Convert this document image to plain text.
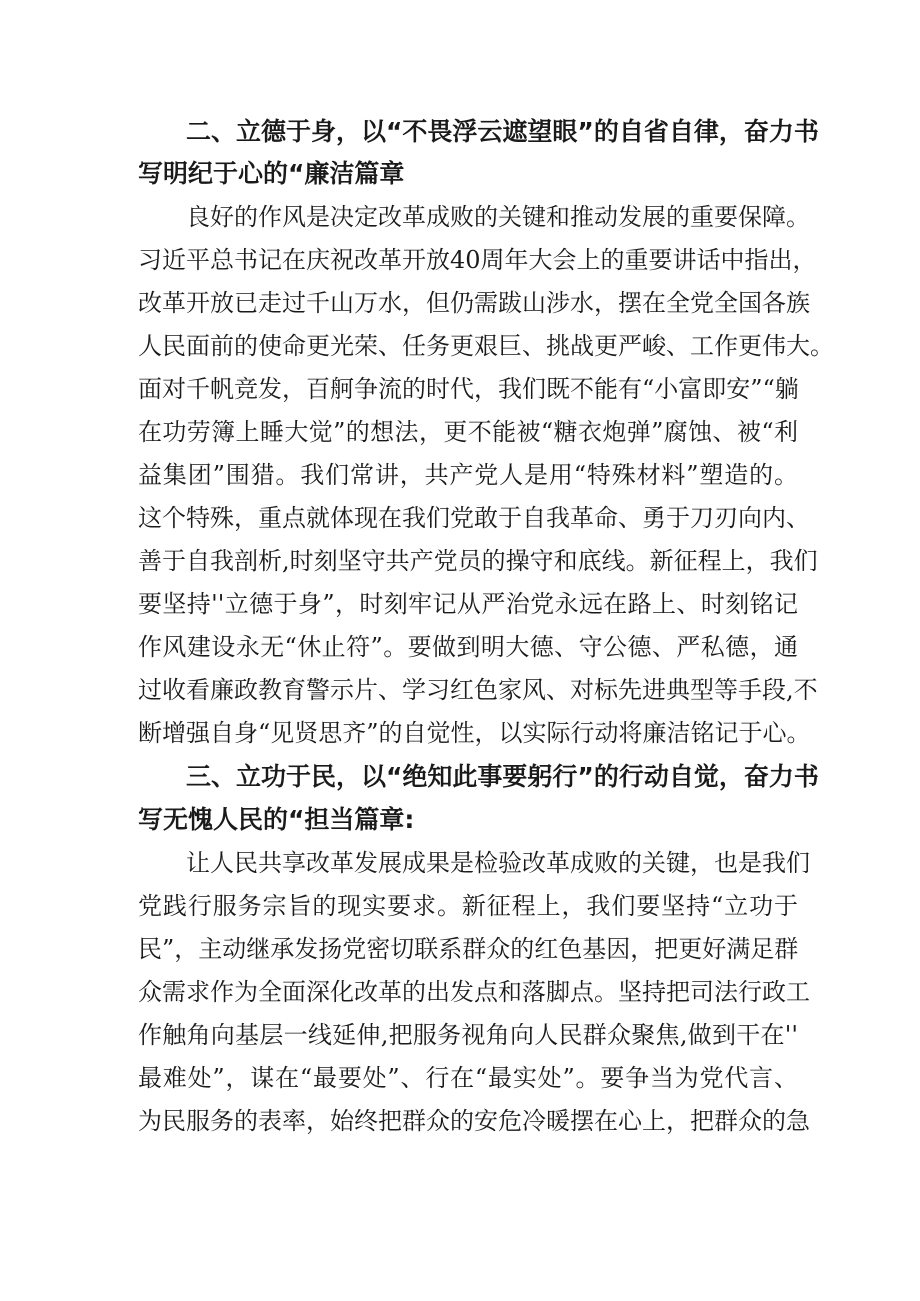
二、立德于身，以“不畏浮云遮望眼”的自省自律，奋力书

写明纪于心的“廉洁篇章

良好的作风是决定改革成败的关键和推动发展的重要保障。

习近平总书记在庆祝改革开放40周年大会上的重要讲话中指出，

改革开放已走过千山万水，但仍需跋山涉水，摆在全党全国各族

人民面前的使命更光荣、任务更艰巨、挑战更严峻、工作更伟大。

面对千帆竞发，百舸争流的时代，我们既不能有“小富即安”“躺

在功劳簿上睡大觉”的想法，更不能被“糖衣炮弹”腐蚀、被“利

益集团”围猎。我们常讲，共产党人是用“特殊材料”塑造的。

这个特殊，重点就体现在我们党敢于自我革命、勇于刀刃向内、

善于自我剖析,时刻坚守共产党员的操守和底线。新征程上，我们

要坚持''立德于身”，时刻牢记从严治党永远在路上、时刻铭记

作风建设永无“休止符”。要做到明大德、守公德、严私德，通

过收看廉政教育警示片、学习红色家风、对标先进典型等手段,不

断增强自身“见贤思齐”的自觉性，以实际行动将廉洁铭记于心。

三、立功于民，以“绝知此事要躬行”的行动自觉，奋力书

写无愧人民的“担当篇章:

让人民共享改革发展成果是检验改革成败的关键，也是我们

党践行服务宗旨的现实要求。新征程上，我们要坚持“立功于

民”，主动继承发扬党密切联系群众的红色基因，把更好满足群

众需求作为全面深化改革的出发点和落脚点。坚持把司法行政工

作触角向基层一线延伸,把服务视角向人民群众聚焦,做到干在''

最难处”，谋在“最要处”、行在“最实处”。要争当为党代言、

为民服务的表率，始终把群众的安危冷暖摆在心上，把群众的急
